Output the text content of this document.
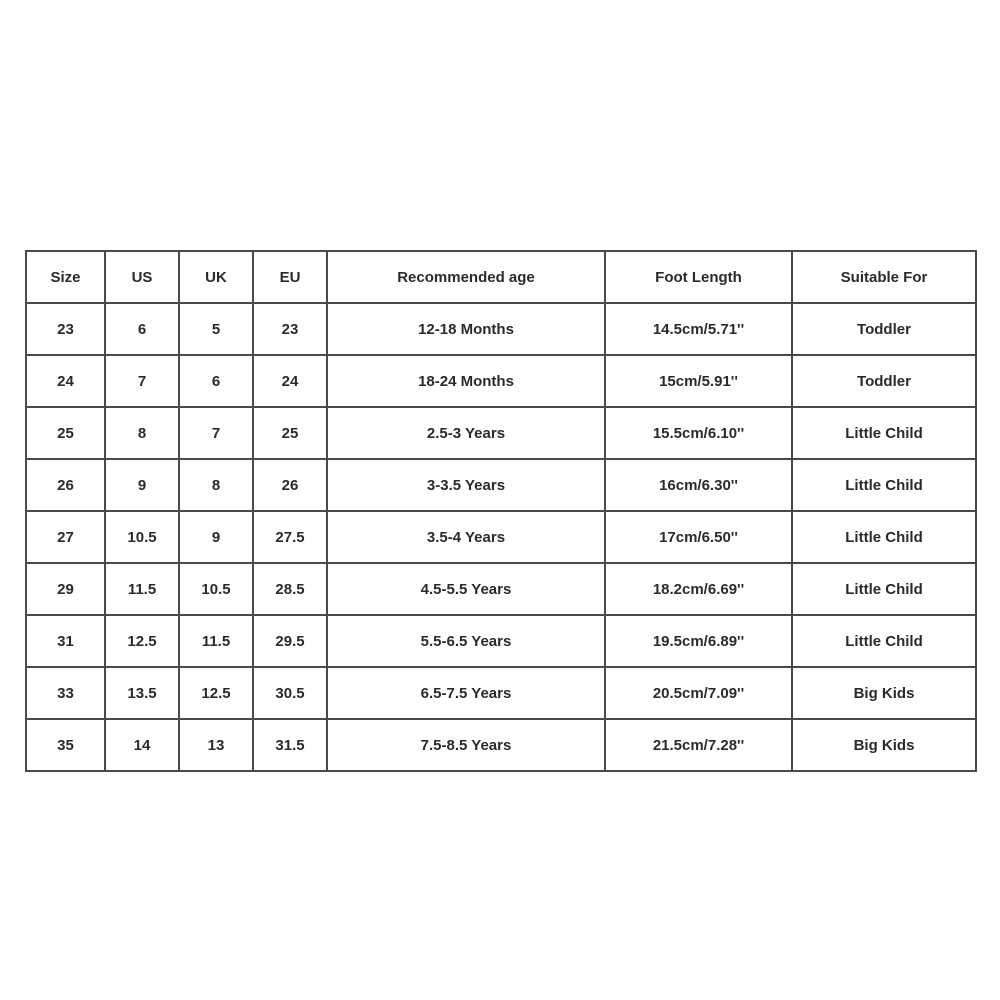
Size	US	UK	EU	Recommended age	Foot Length	Suitable For
23	6	5	23	12-18 Months	14.5cm/5.71''	Toddler
24	7	6	24	18-24 Months	15cm/5.91''	Toddler
25	8	7	25	2.5-3 Years	15.5cm/6.10''	Little Child
26	9	8	26	3-3.5 Years	16cm/6.30''	Little Child
27	10.5	9	27.5	3.5-4 Years	17cm/6.50''	Little Child
29	11.5	10.5	28.5	4.5-5.5 Years	18.2cm/6.69''	Little Child
31	12.5	11.5	29.5	5.5-6.5 Years	19.5cm/6.89''	Little Child
33	13.5	12.5	30.5	6.5-7.5 Years	20.5cm/7.09''	Big Kids
35	14	13	31.5	7.5-8.5 Years	21.5cm/7.28''	Big Kids
